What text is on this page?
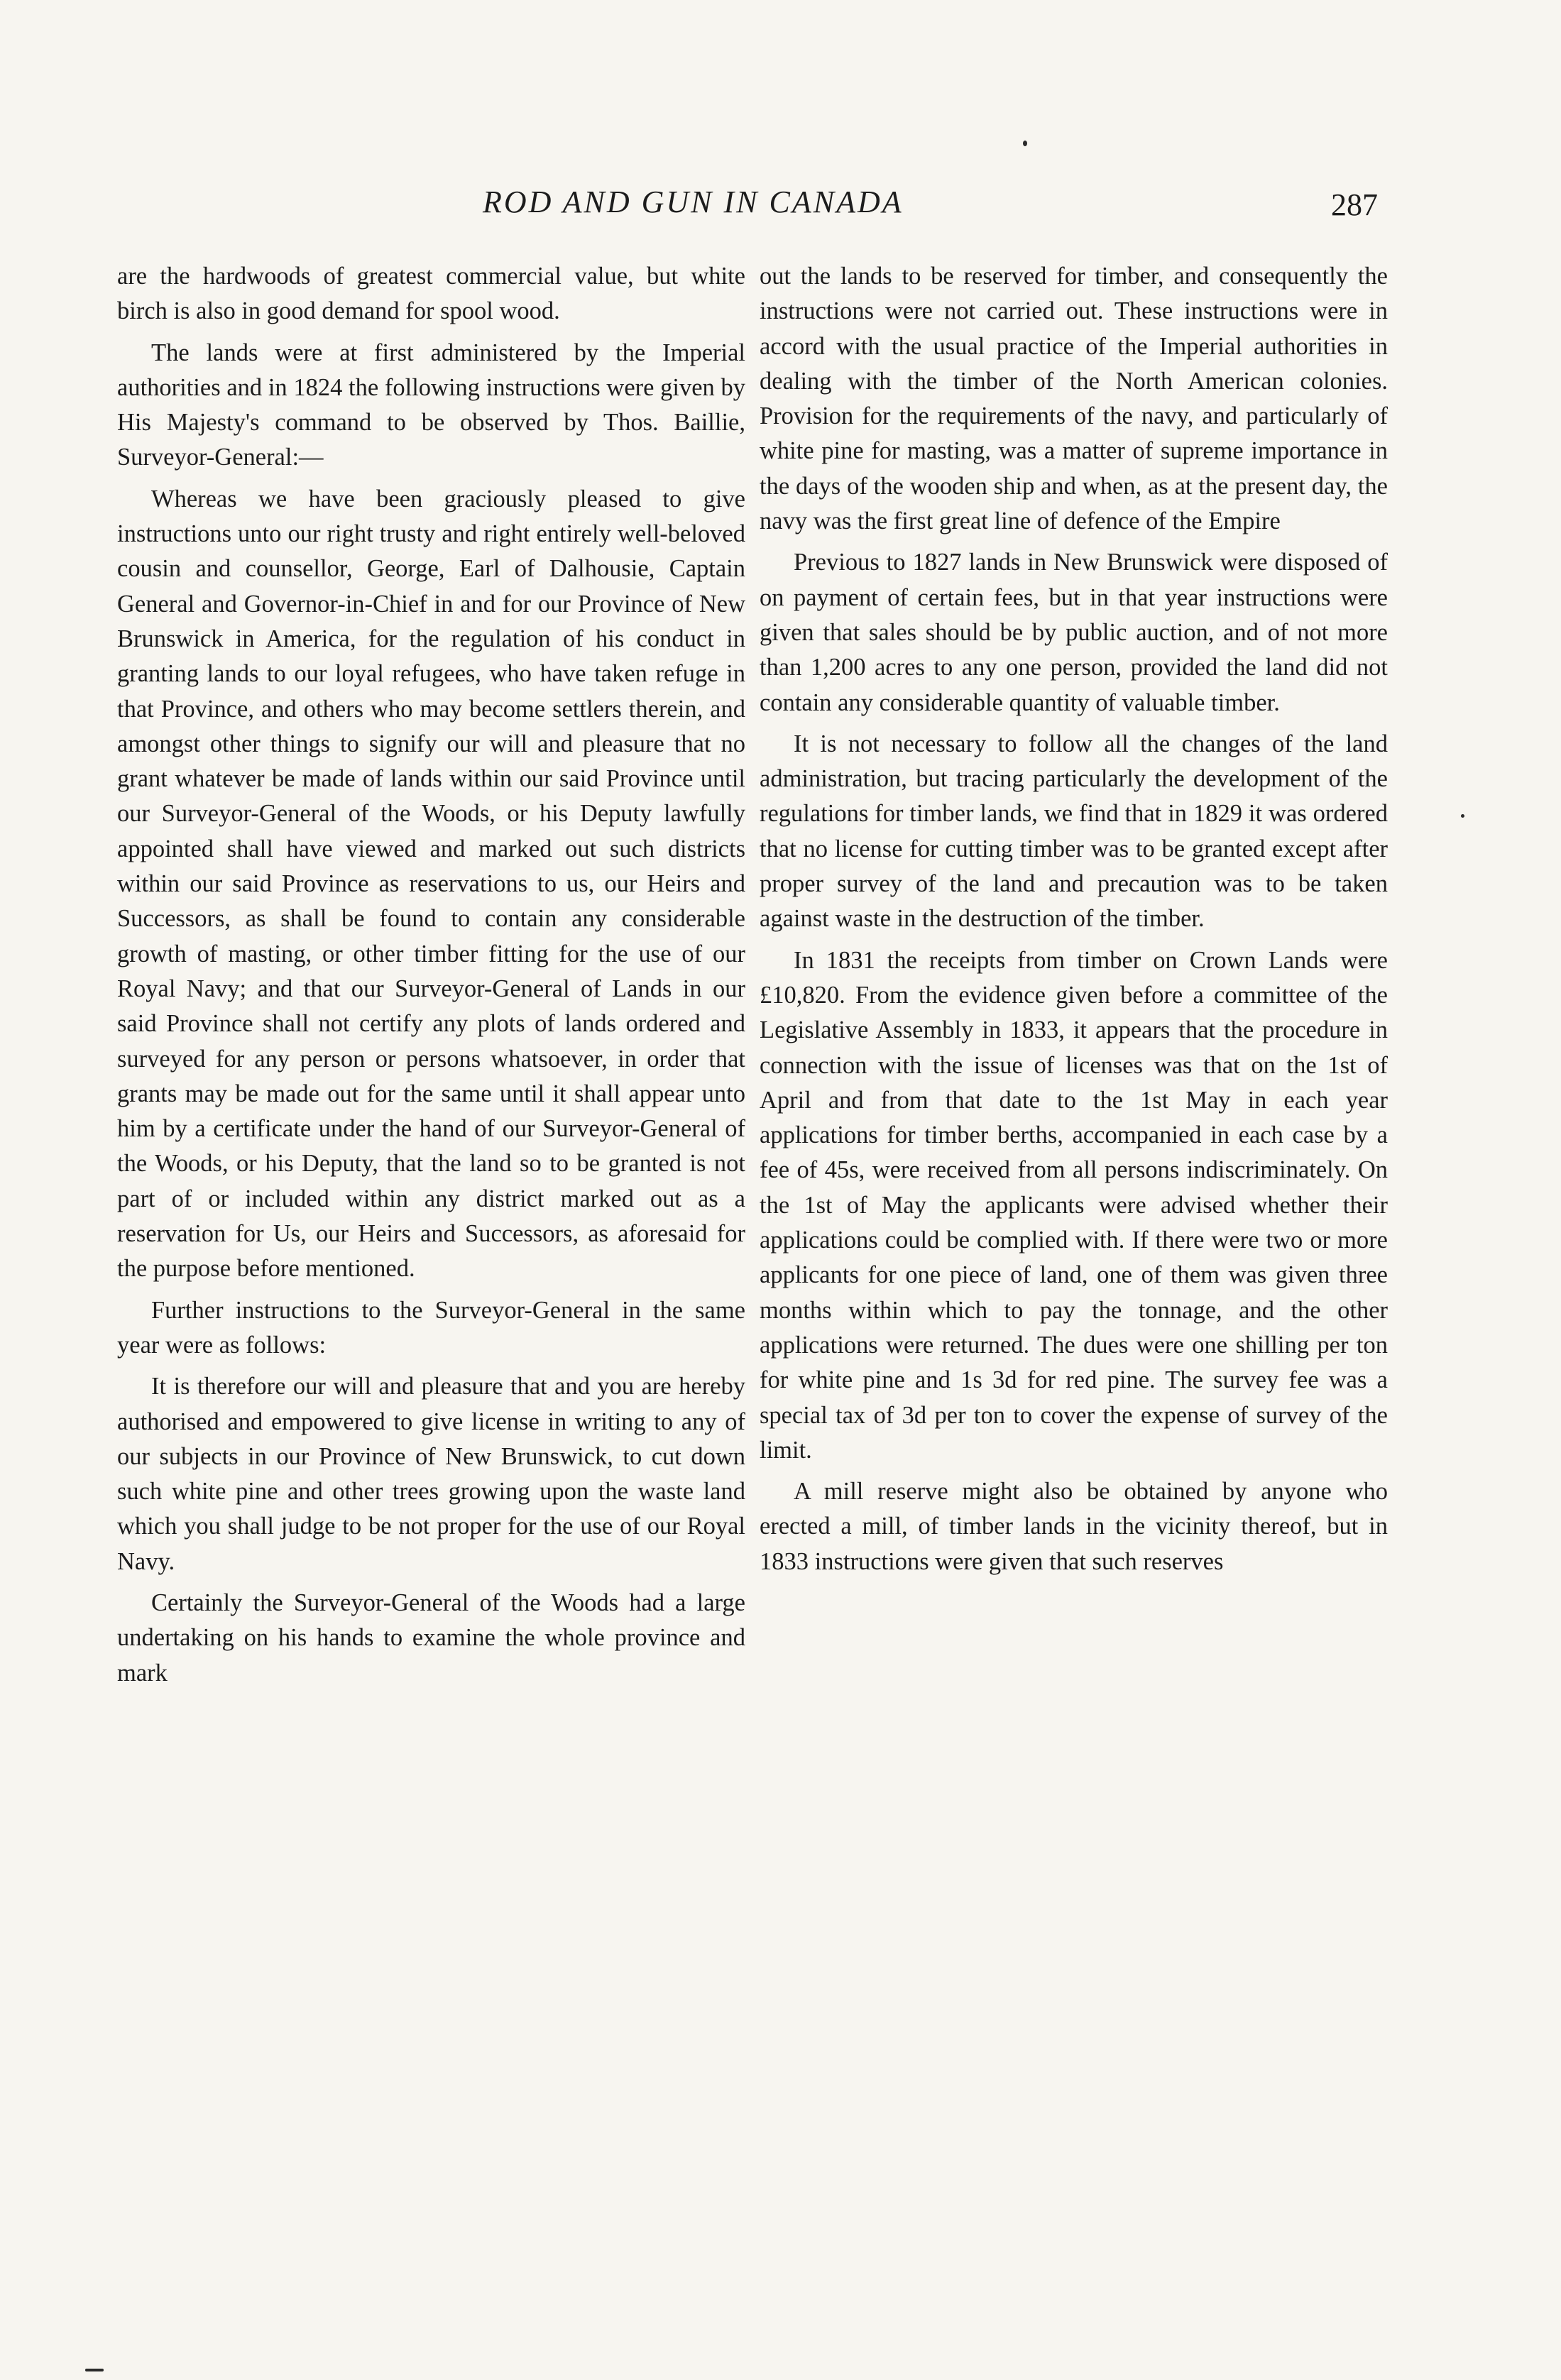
ROD AND GUN IN CANADA	287

are the hardwoods of greatest commercial value, but white birch is also in good demand for spool wood.

The lands were at first administered by the Imperial authorities and in 1824 the following instructions were given by His Majesty's command to be observed by Thos. Baillie, Surveyor-General:—

Whereas we have been graciously pleased to give instructions unto our right trusty and right entirely well-beloved cousin and counsellor, George, Earl of Dalhousie, Captain General and Governor-in-Chief in and for our Province of New Brunswick in America, for the regulation of his conduct in granting lands to our loyal refugees, who have taken refuge in that Province, and others who may become settlers therein, and amongst other things to signify our will and pleasure that no grant whatever be made of lands within our said Province until our Surveyor-General of the Woods, or his Deputy lawfully appointed shall have viewed and marked out such districts within our said Province as reservations to us, our Heirs and Successors, as shall be found to contain any considerable growth of masting, or other timber fitting for the use of our Royal Navy; and that our Surveyor-General of Lands in our said Province shall not certify any plots of lands ordered and surveyed for any person or persons whatsoever, in order that grants may be made out for the same until it shall appear unto him by a certificate under the hand of our Surveyor-General of the Woods, or his Deputy, that the land so to be granted is not part of or included within any district marked out as a reservation for Us, our Heirs and Successors, as aforesaid for the purpose before mentioned.

Further instructions to the Surveyor-General in the same year were as follows:

It is therefore our will and pleasure that and you are hereby authorised and empowered to give license in writing to any of our subjects in our Province of New Brunswick, to cut down such white pine and other trees growing upon the waste land which you shall judge to be not proper for the use of our Royal Navy.

Certainly the Surveyor-General of the Woods had a large undertaking on his hands to examine the whole province and mark

out the lands to be reserved for timber, and consequently the instructions were not carried out. These instructions were in accord with the usual practice of the Imperial authorities in dealing with the timber of the North American colonies. Provision for the requirements of the navy, and particularly of white pine for masting, was a matter of supreme importance in the days of the wooden ship and when, as at the present day, the navy was the first great line of defence of the Empire

Previous to 1827 lands in New Brunswick were disposed of on payment of certain fees, but in that year instructions were given that sales should be by public auction, and of not more than 1,200 acres to any one person, provided the land did not contain any considerable quantity of valuable timber.

It is not necessary to follow all the changes of the land administration, but tracing particularly the development of the regulations for timber lands, we find that in 1829 it was ordered that no license for cutting timber was to be granted except after proper survey of the land and precaution was to be taken against waste in the destruction of the timber.

In 1831 the receipts from timber on Crown Lands were £10,820. From the evidence given before a committee of the Legislative Assembly in 1833, it appears that the procedure in connection with the issue of licenses was that on the 1st of April and from that date to the 1st May in each year applications for timber berths, accompanied in each case by a fee of 45s, were received from all persons indiscriminately. On the 1st of May the applicants were advised whether their applications could be complied with. If there were two or more applicants for one piece of land, one of them was given three months within which to pay the tonnage, and the other applications were returned. The dues were one shilling per ton for white pine and 1s 3d for red pine. The survey fee was a special tax of 3d per ton to cover the expense of survey of the limit.

A mill reserve might also be obtained by anyone who erected a mill, of timber lands in the vicinity thereof, but in 1833 instructions were given that such reserves
